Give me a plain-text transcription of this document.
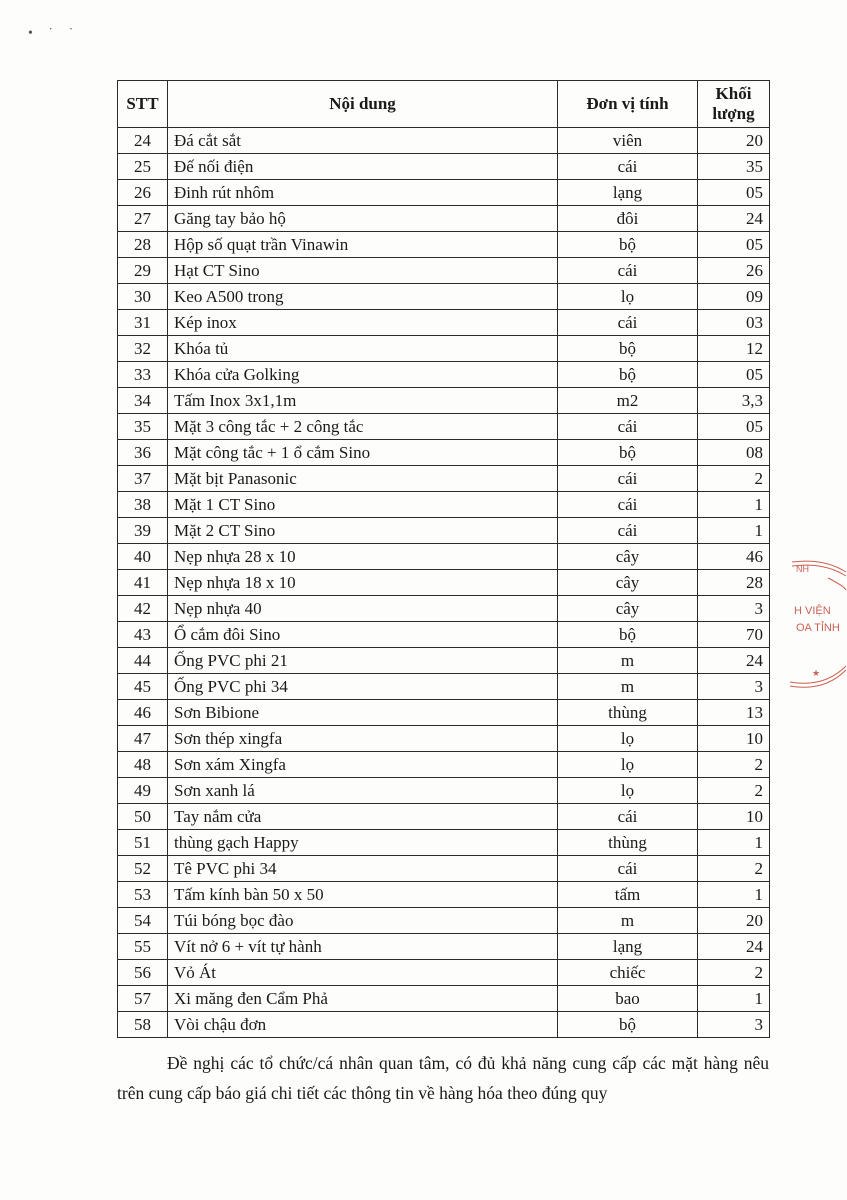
• ˙ ˙
STT	Nội dung	Đơn vị tính	Khối
lượng

24	Đá cắt sắt	viên	20
25	Đế nối điện	cái	35
26	Đinh rút nhôm	lạng	05
27	Găng tay bảo hộ	đôi	24
28	Hộp số quạt trần Vinawin	bộ	05
29	Hạt CT Sino	cái	26
30	Keo A500 trong	lọ	09
31	Kép inox	cái	03
32	Khóa tủ	bộ	12
33	Khóa cửa Golking	bộ	05
34	Tấm Inox 3x1,1m	m2	3,3
35	Mặt 3 công tắc + 2 công tắc	cái	05
36	Mặt công tắc + 1 ổ cắm Sino	bộ	08
37	Mặt bịt Panasonic	cái	2
38	Mặt 1 CT Sino	cái	1
39	Mặt 2 CT Sino	cái	1
40	Nẹp nhựa 28 x 10	cây	46
41	Nẹp nhựa 18 x 10	cây	28
42	Nẹp nhựa 40	cây	3
43	Ổ cắm đôi Sino	bộ	70
44	Ống PVC phi 21	m	24
45	Ống PVC phi 34	m	3
46	Sơn Bibione	thùng	13
47	Sơn thép xingfa	lọ	10
48	Sơn xám Xingfa	lọ	2
49	Sơn xanh lá	lọ	2
50	Tay nắm cửa	cái	10
51	thùng gạch Happy	thùng	1
52	Tê PVC phi 34	cái	2
53	Tấm kính bàn 50 x 50	tấm	1
54	Túi bóng bọc đào	m	20
55	Vít nở 6 + vít tự hành	lạng	24
56	Vỏ Át	chiếc	2
57	Xi măng đen Cẩm Phả	bao	1
58	Vòi chậu đơn	bộ	3
Đề nghị các tổ chức/cá nhân quan tâm, có đủ khả năng cung cấp các mặt hàng nêu trên cung cấp báo giá chi tiết các thông tin về hàng hóa theo đúng quy
NH
H VIỆN
OA TỈNH
★
